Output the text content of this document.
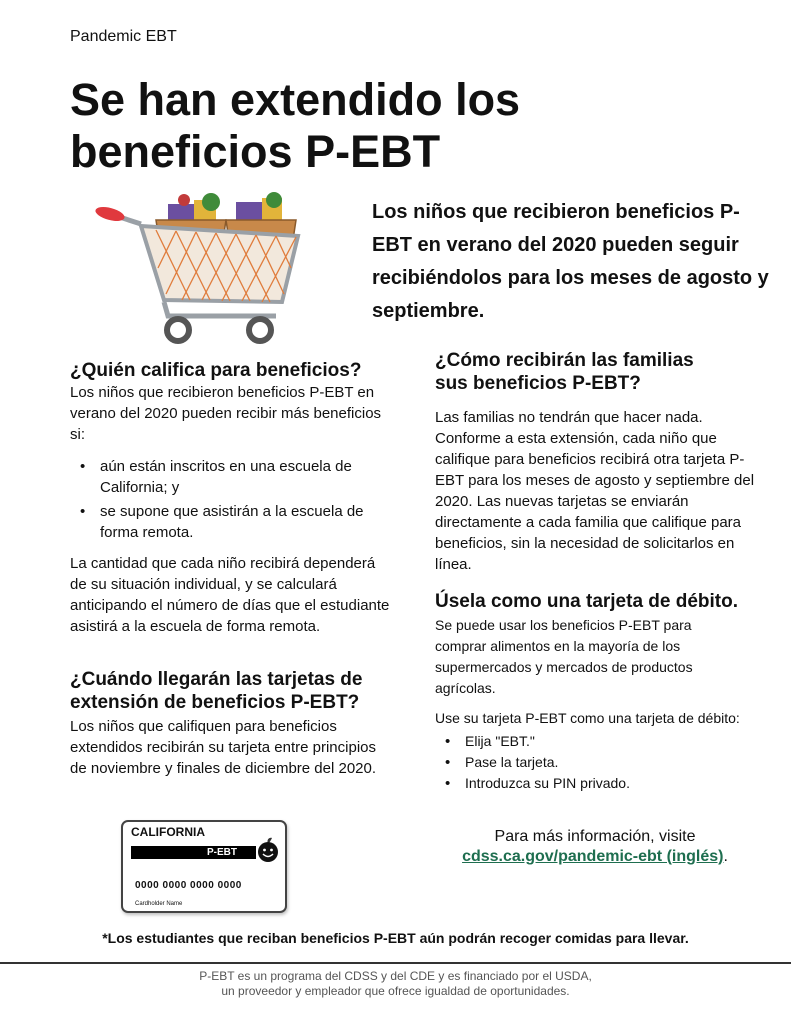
Pandemic EBT
Se han extendido los
beneficios P-EBT
Los niños que recibieron beneficios P-EBT en verano del 2020 pueden seguir recibiéndolos para los meses de agosto y septiembre.
¿Quién califica para beneficios?

Los niños que recibieron beneficios P-EBT en verano del 2020 pueden recibir más beneficios si:

• aún están inscritos en una escuela de California; y
• se supone que asistirán a la escuela de forma remota.

La cantidad que cada niño recibirá dependerá de su situación individual, y se calculará anticipando el número de días que el estudiante asistirá a la escuela de forma remota.

¿Cuándo llegarán las tarjetas de extensión de beneficios P-EBT?

Los niños que califiquen para beneficios extendidos recibirán su tarjeta entre principios de noviembre y finales de diciembre del 2020.

¿Cómo recibirán las familias sus beneficios P-EBT?

Las familias no tendrán que hacer nada. Conforme a esta extensión, cada niño que califique para beneficios recibirá otra tarjeta P-EBT para los meses de agosto y septiembre del 2020. Las nuevas tarjetas se enviarán directamente a cada familia que califique para beneficios, sin la necesidad de solicitarlos en línea.

Úsela como una tarjeta de débito.

Se puede usar los beneficios P-EBT para comprar alimentos en la mayoría de los supermercados y mercados de productos agrícolas.

Use su tarjeta P-EBT como una tarjeta de débito:

• Elija "EBT."
• Pase la tarjeta.
• Introduzca su PIN privado.
CALIFORNIA
P-EBT
0000 0000 0000 0000
Cardholder Name
Para más información, visite
cdss.ca.gov/pandemic-ebt (inglés).
*Los estudiantes que reciban beneficios P-EBT aún podrán recoger comidas para llevar.
P-EBT es un programa del CDSS y del CDE y es financiado por el USDA,
un proveedor y empleador que ofrece igualdad de oportunidades.
